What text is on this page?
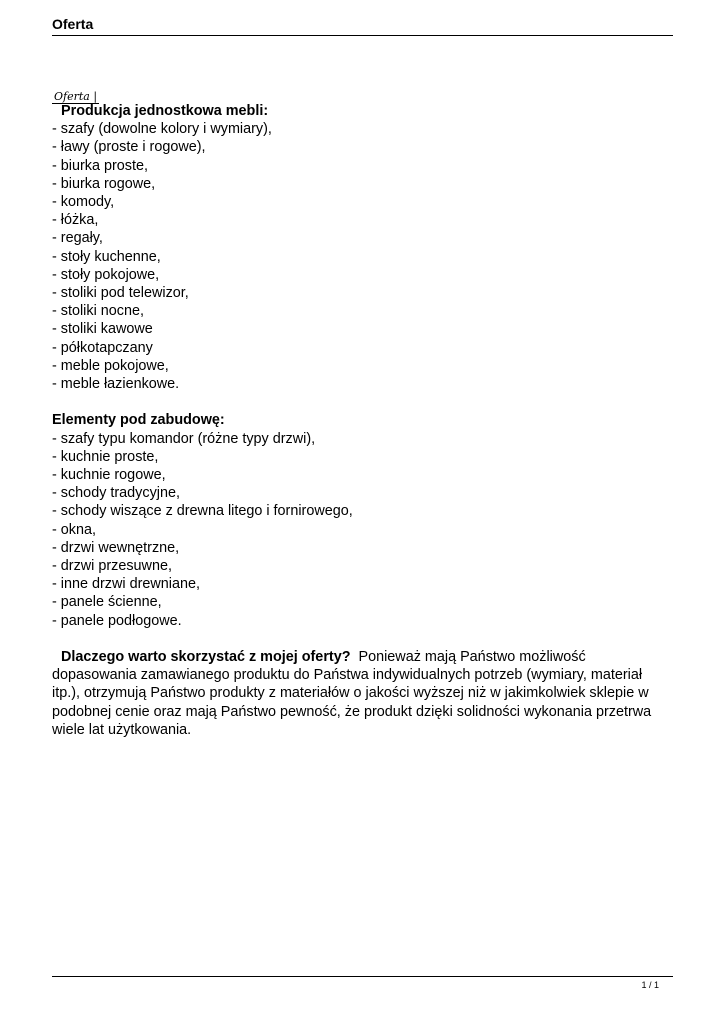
Oferta
Oferta |
Produkcja jednostkowa mebli:
- szafy (dowolne kolory i wymiary),
- ławy (proste i rogowe),
- biurka proste,
- biurka rogowe,
- komody,
- łóżka,
- regały,
- stoły kuchenne,
- stoły pokojowe,
- stoliki pod telewizor,
- stoliki nocne,
- stoliki kawowe
- półkotapczany
- meble pokojowe,
- meble łazienkowe.
Elementy pod zabudowę:
- szafy typu komandor (różne typy drzwi),
- kuchnie proste,
- kuchnie rogowe,
- schody tradycyjne,
- schody wiszące z drewna litego i fornirowego,
- okna,
- drzwi wewnętrzne,
- drzwi przesuwne,
- inne drzwi drewniane,
- panele ścienne,
- panele podłogowe.

Dlaczego warto skorzystać z mojej oferty? Ponieważ mają Państwo możliwość dopasowania zamawianego produktu do Państwa indywidualnych potrzeb (wymiary, materiał itp.), otrzymują Państwo produkty z materiałów o jakości wyższej niż w jakimkolwiek sklepie w podobnej cenie oraz mają Państwo pewność, że produkt dzięki solidności wykonania przetrwa wiele lat użytkowania.

1 / 1
